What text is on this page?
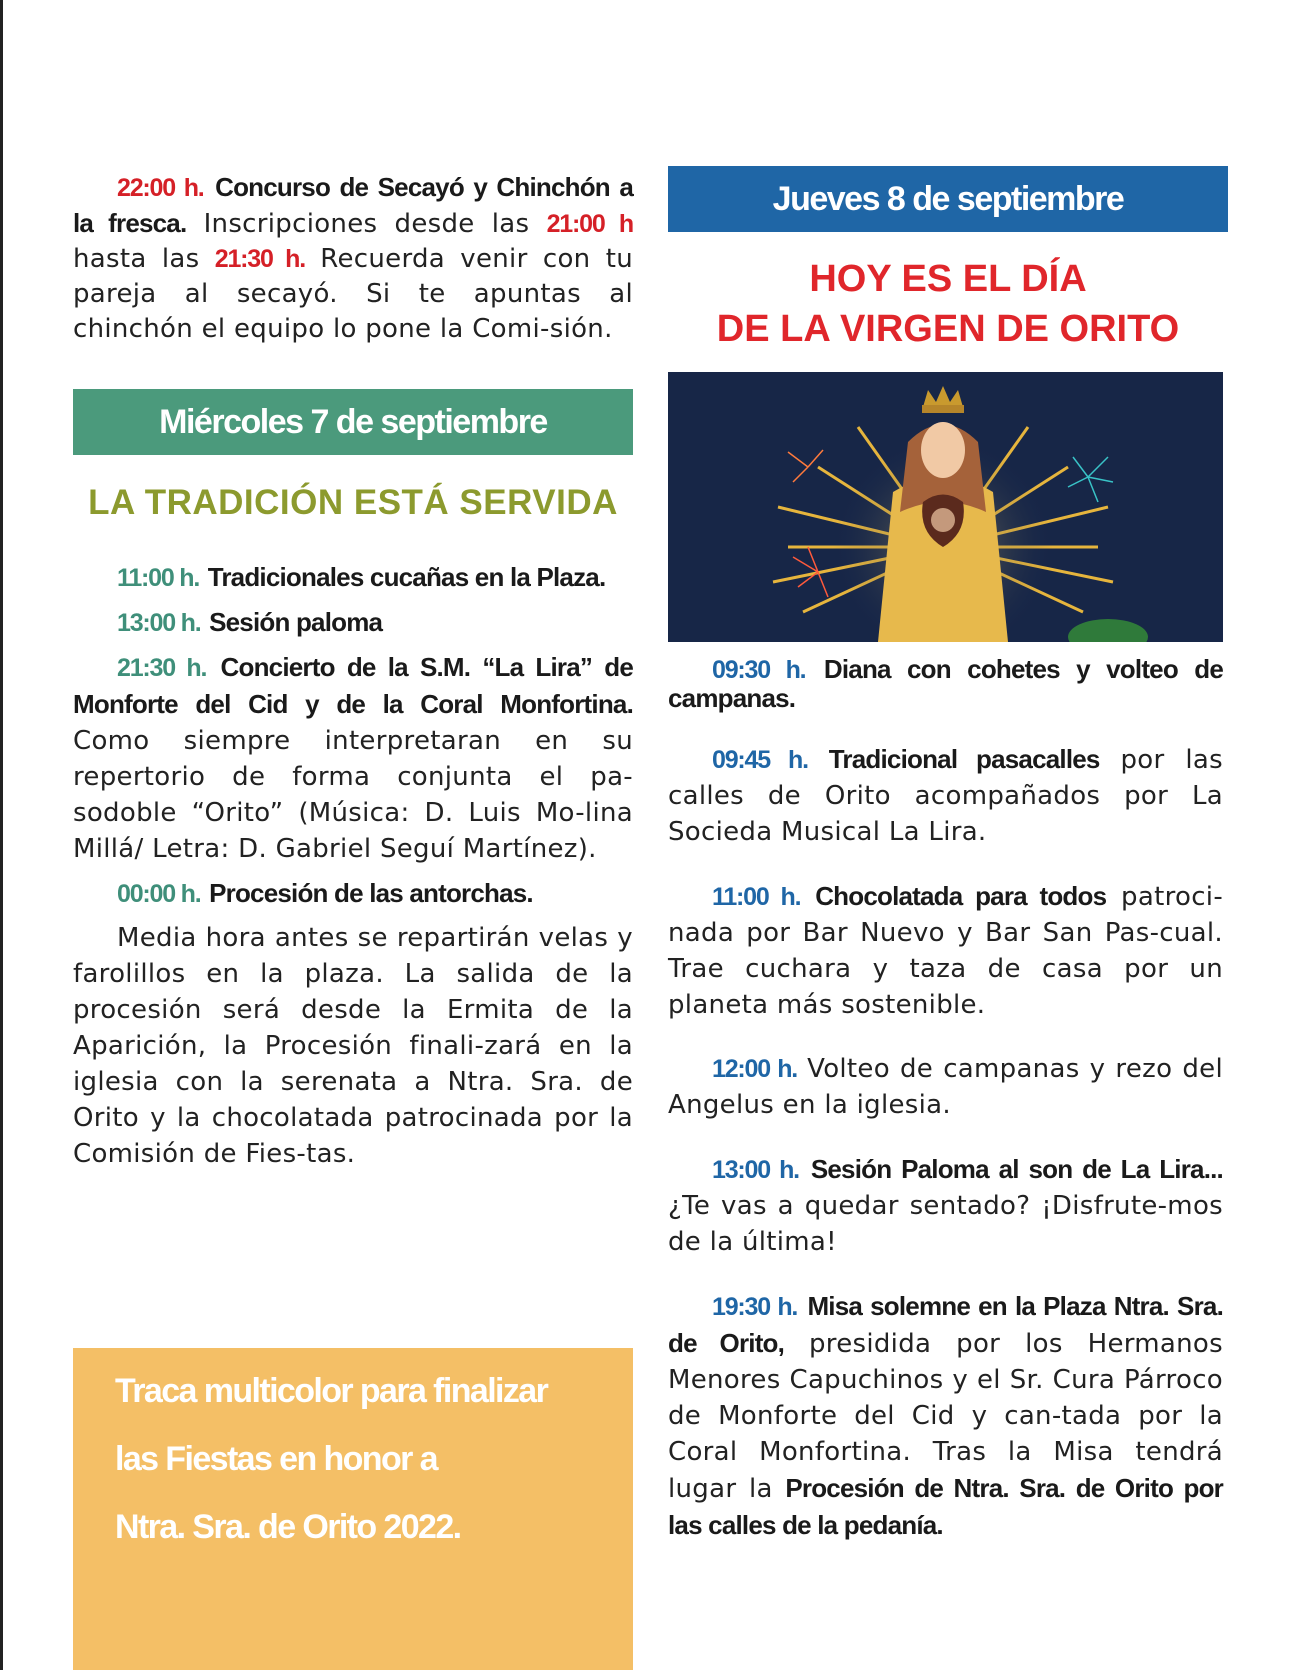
22:00 h. Concurso de Secayó y Chinchón a la fresca. Inscripciones desde las 21:00 h hasta las 21:30 h. Recuerda venir con tu pareja al secayó. Si te apuntas al chinchón el equipo lo pone la Comi-sión.

Miércoles 7 de septiembre
LA TRADICIÓN ESTÁ SERVIDA

11:00 h. Tradicionales cucañas en la Plaza.

13:00 h. Sesión paloma

21:30 h. Concierto de la S.M. “La Lira” de Monforte del Cid y de la Coral Monfortina. Como siempre interpretaran en su repertorio de forma conjunta el pa-sodoble “Orito” (Música: D. Luis Mo-lina Millá/ Letra: D. Gabriel Seguí Martínez).

00:00 h. Procesión de las antorchas.

Media hora antes se repartirán velas y farolillos en la plaza. La salida de la procesión será desde la Ermita de la Aparición, la Procesión finali-zará en la iglesia con la serenata a Ntra. Sra. de Orito y la chocolatada patrocinada por la Comisión de Fies-tas.

Traca multicolor para finalizar
las Fiestas en honor a
Ntra. Sra. de Orito 2022.
Jueves 8 de septiembre
HOY ES EL DÍA
DE LA VIRGEN DE ORITO

09:30 h. Diana con cohetes y volteo de campanas.

09:45 h. Tradicional pasacalles por las calles de Orito acompañados por La Socieda Musical La Lira.

11:00 h. Chocolatada para todos patroci-nada por Bar Nuevo y Bar San Pas-cual. Trae cuchara y taza de casa por un planeta más sostenible.

12:00 h. Volteo de campanas y rezo del Angelus en la iglesia.

13:00 h. Sesión Paloma al son de La Lira... ¿Te vas a quedar sentado? ¡Disfrute-mos de la última!

19:30 h. Misa solemne en la Plaza Ntra. Sra. de Orito, presidida por los Hermanos Menores Capuchinos y el Sr. Cura Párroco de Monforte del Cid y can-tada por la Coral Monfortina. Tras la Misa tendrá lugar la Procesión de Ntra. Sra. de Orito por las calles de la pedanía.
